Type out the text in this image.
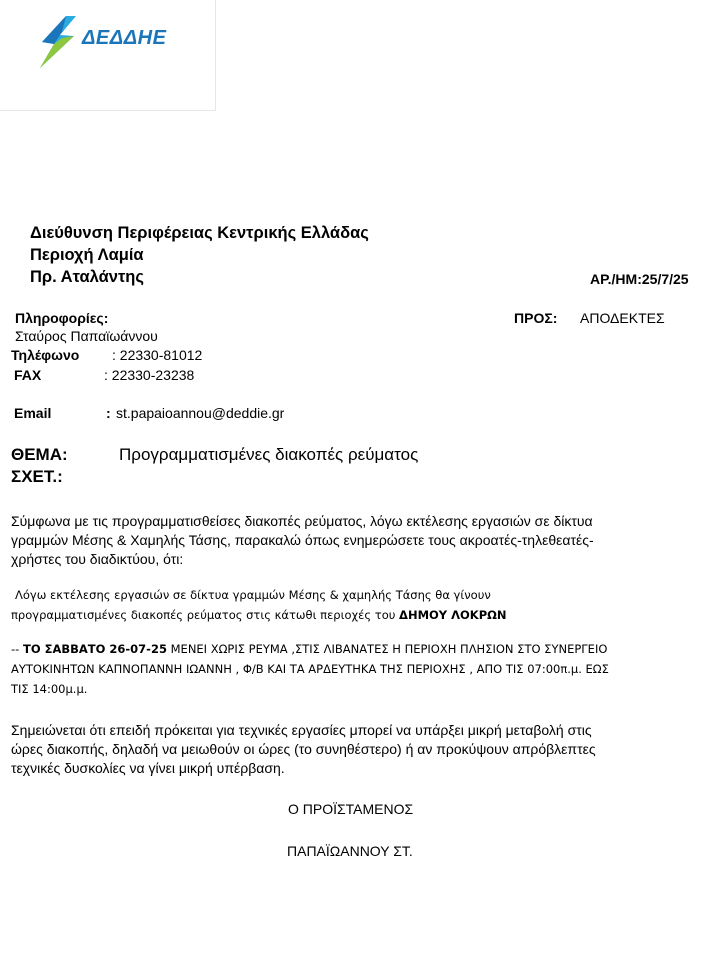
ΔΕΔΔΗΕ
Διεύθυνση Περιφέρειας Κεντρικής Ελλάδας
Περιοχή Λαμία
Πρ. Αταλάντης	ΑΡ./ΗΜ:25/7/25
Πληροφορίες:
Σταύρος Παπαϊωάννου
Τηλέφωνο : 22330-81012
FAX	: 22330-23238
Email	: st.papaioannou@deddie.gr
ΠΡΟΣ: ΑΠΟΔΕΚΤΕΣ
ΘΕΜΑ:	Προγραμματισμένες διακοπές ρεύματος
ΣΧΕΤ.:
Σύμφωνα με τις προγραμματισθείσες διακοπές ρεύματος, λόγω εκτέλεσης εργασιών σε δίκτυα
γραμμών Μέσης & Χαμηλής Τάσης, παρακαλώ όπως ενημερώσετε τους ακροατές-τηλεθεατές-
χρήστες του διαδικτύου, ότι:
Λόγω εκτέλεσης εργασιών σε δίκτυα γραμμών Μέσης & χαμηλής Τάσης θα γίνουν
προγραμματισμένες διακοπές ρεύματος στις κάτωθι περιοχές του ΔΗΜΟΥ ΛΟΚΡΩΝ
-- ΤΟ ΣΑΒΒΑΤΟ 26-07-25 ΜΕΝΕΙ ΧΩΡΙΣ ΡΕΥΜΑ ,ΣΤΙΣ ΛΙΒΑΝΑΤΕΣ Η ΠΕΡΙΟΧΗ ΠΛΗΣΙΟΝ ΣΤΟ ΣΥΝΕΡΓΕΙΟ
ΑΥΤΟΚΙΝΗΤΩΝ ΚΑΠΝΟΠΑΝΝΗ ΙΩΑΝΝΗ , Φ/Β ΚΑΙ ΤΑ ΑΡΔΕΥΤΗΚΑ ΤΗΣ ΠΕΡΙΟΧΗΣ , ΑΠΟ ΤΙΣ 07:00π.μ. ΕΩΣ
ΤΙΣ 14:00μ.μ.
Σημειώνεται ότι επειδή πρόκειται για τεχνικές εργασίες μπορεί να υπάρξει μικρή μεταβολή στις
ώρες διακοπής, δηλαδή να μειωθούν οι ώρες (το συνηθέστερο) ή αν προκύψουν απρόβλεπτες
τεχνικές δυσκολίες να γίνει μικρή υπέρβαση.
Ο ΠΡΟΪΣΤΑΜΕΝΟΣ
ΠΑΠΑΪΩΑΝΝΟΥ ΣΤ.
